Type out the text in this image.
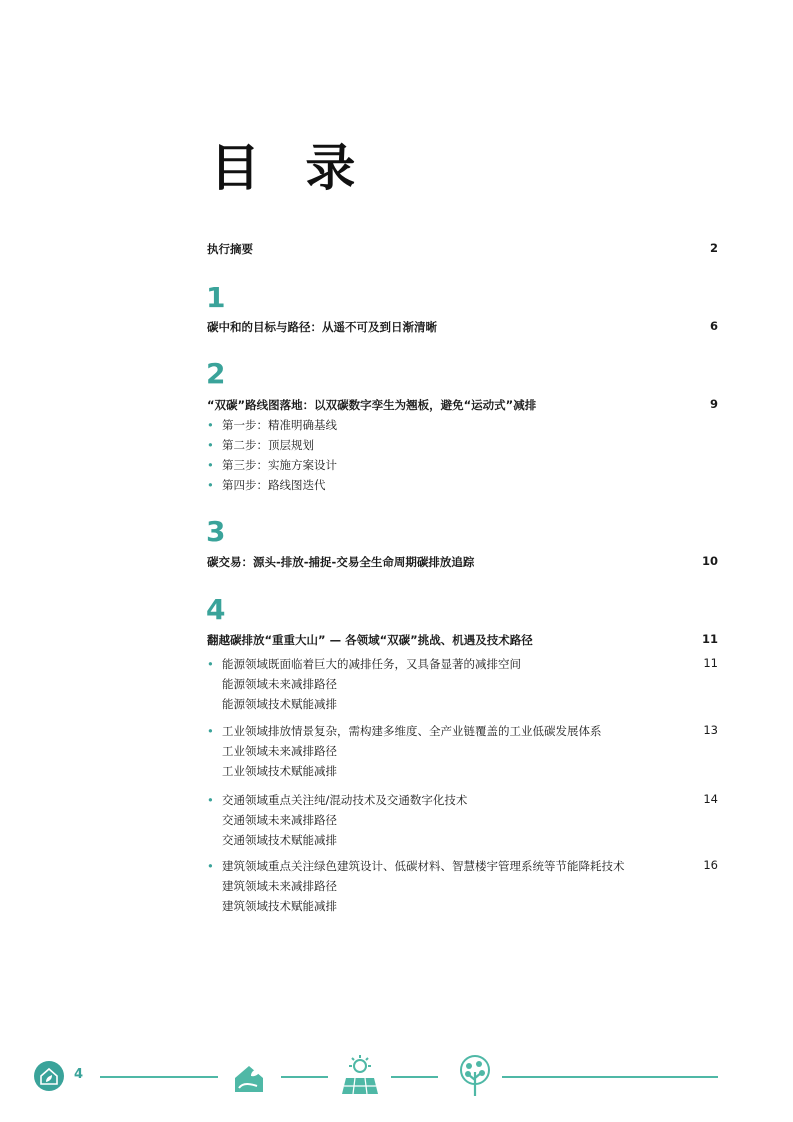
目 录
执行摘要	2
1
碳中和的目标与路径：从遥不可及到日渐清晰	6
2
“双碳”路线图落地：以双碳数字孪生为翘板，避免“运动式”减排	9
• 第一步：精准明确基线
• 第二步：顶层规划
• 第三步：实施方案设计
• 第四步：路线图迭代
3
碳交易：源头-排放-捕捉-交易全生命周期碳排放追踪	10
4
翻越碳排放“重重大山” — 各领域“双碳”挑战、机遇及技术路径	11
• 能源领域既面临着巨大的减排任务，又具备显著的减排空间	11
能源领域未来减排路径
能源领域技术赋能减排
• 工业领域排放情景复杂，需构建多维度、全产业链覆盖的工业低碳发展体系	13
工业领域未来减排路径
工业领域技术赋能减排
• 交通领域重点关注纯/混动技术及交通数字化技术	14
交通领域未来减排路径
交通领域技术赋能减排
• 建筑领域重点关注绿色建筑设计、低碳材料、智慧楼宇管理系统等节能降耗技术	16
建筑领域未来减排路径
建筑领域技术赋能减排
4
